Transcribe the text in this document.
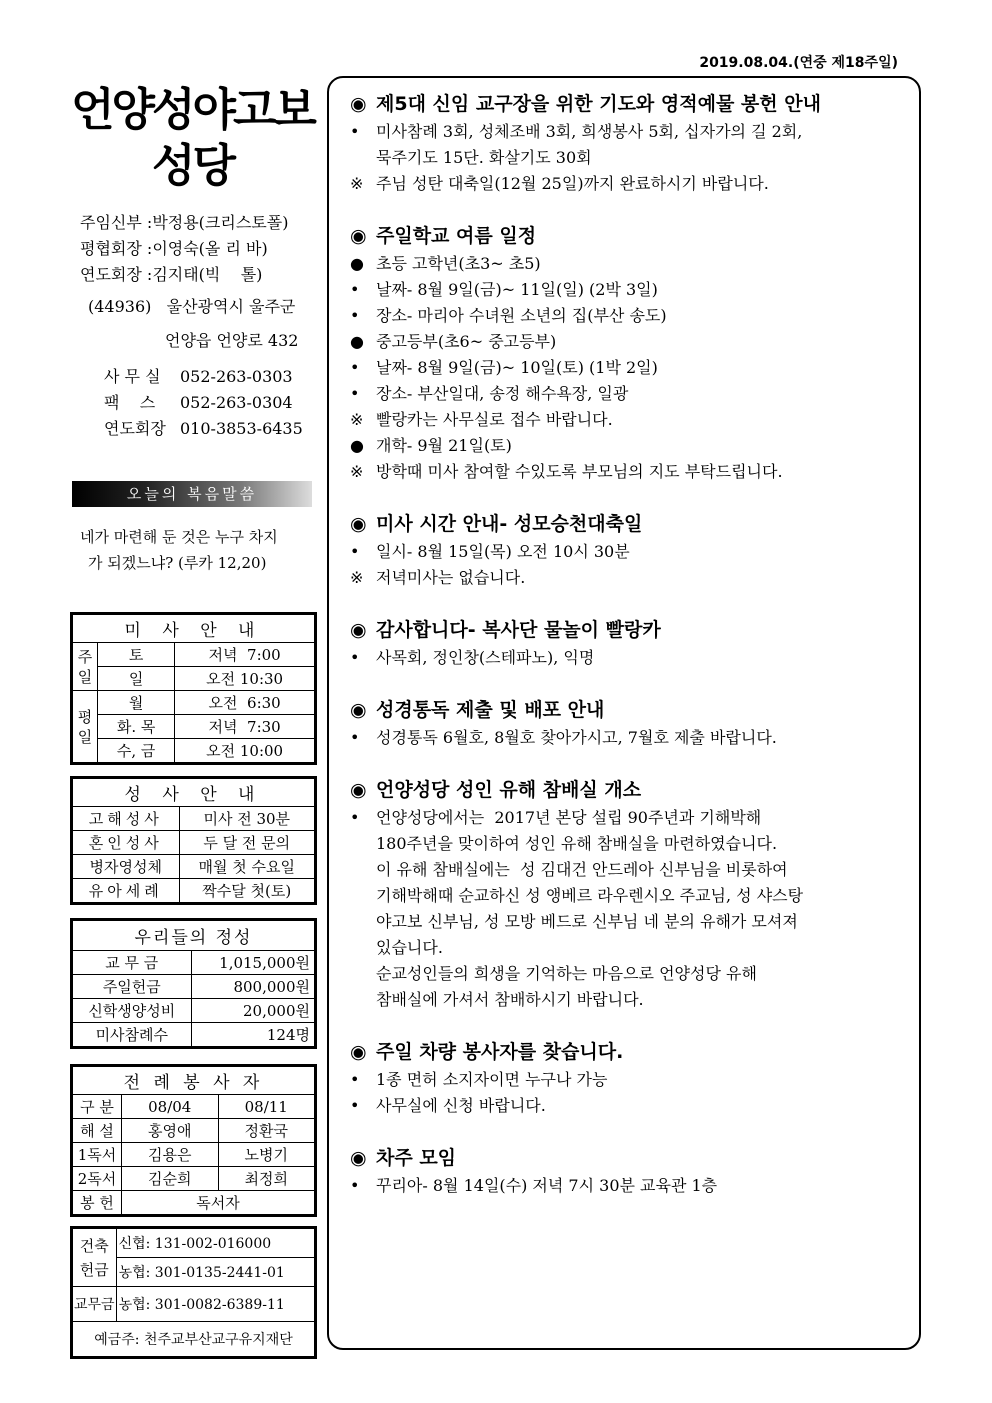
2019.08.04.(연중 제18주일)
언양성야고보
성당
주임신부 :박정용(크리스토폴)
평협회장 :이영숙(올 리 바)
연도회장 :김지태(빅    톨)
(44936)   울산광역시 울주군
언양읍 언양로 432
사 무 실 052-263-0303
팩    스 052-263-0304
연도회장 010-3853-6435
오늘의 복음말씀
네가 마련해 둔 것은 누구 차지
가 되겠느냐? (루카 12,20)
미 사 안 내		
주
일	토	저녁  7:00
	일	오전 10:30
평
일	월	오전  6:30
	화. 목	저녁  7:30
	수, 금	오전 10:00
성 사 안 내	
고해성사	미사 전 30분
혼인성사	두 달 전 문의
병자영성체	매월 첫 수요일
유아세례	짝수달 첫(토)
우리들의 정성	
교 무 금	1,015,000원
주일헌금	800,000원
신학생양성비	20,000원
미사참례수	124명
전 례 봉 사 자		
구 분	08/04	08/11
해 설	홍영애	정환국
1독서	김용은	노병기
2독서	김순희	최정희
봉 헌	독서자	
건축
헌금	신협: 131-002-016000
	농협: 301-0135-2441-01
교무금	농협: 301-0082-6389-11
예금주: 천주교부산교구유지재단	
◉ 제5대 신임 교구장을 위한 기도와 영적예물 봉헌 안내
• 미사참례 3회, 성체조배 3회, 희생봉사 5회, 십자가의 길 2회,
묵주기도 15단. 화살기도 30회
※ 주님 성탄 대축일(12월 25일)까지 완료하시기 바랍니다.
◉ 주일학교 여름 일정
● 초등 고학년(초3~ 초5)
• 날짜- 8월 9일(금)~ 11일(일) (2박 3일)
• 장소- 마리아 수녀원 소년의 집(부산 송도)
● 중고등부(초6~ 중고등부)
• 날짜- 8월 9일(금)~ 10일(토) (1박 2일)
• 장소- 부산일대, 송정 해수욕장, 일광
※ 빨랑카는 사무실로 접수 바랍니다.
● 개학- 9월 21일(토)
※ 방학때 미사 참여할 수있도록 부모님의 지도 부탁드립니다.
◉ 미사 시간 안내- 성모승천대축일
• 일시- 8월 15일(목) 오전 10시 30분
※ 저녁미사는 없습니다.
◉ 감사합니다- 복사단 물놀이 빨랑카
• 사목회, 정인창(스테파노), 익명
◉ 성경통독 제출 및 배포 안내
• 성경통독 6월호, 8월호 찾아가시고, 7월호 제출 바랍니다.
◉ 언양성당 성인 유해 참배실 개소
• 언양성당에서는  2017년 본당 설립 90주년과 기해박해
180주년을 맞이하여 성인 유해 참배실을 마련하였습니다.
이 유해 참배실에는  성 김대건 안드레아 신부님을 비롯하여
기해박해때 순교하신 성 앵베르 라우렌시오 주교님, 성 샤스탕
야고보 신부님, 성 모방 베드로 신부님 네 분의 유해가 모셔져
있습니다.
순교성인들의 희생을 기억하는 마음으로 언양성당 유해
참배실에 가셔서 참배하시기 바랍니다.
◉ 주일 차량 봉사자를 찾습니다.
• 1종 면허 소지자이면 누구나 가능
• 사무실에 신청 바랍니다.
◉ 차주 모임
• 꾸리아- 8월 14일(수) 저녁 7시 30분 교육관 1층
